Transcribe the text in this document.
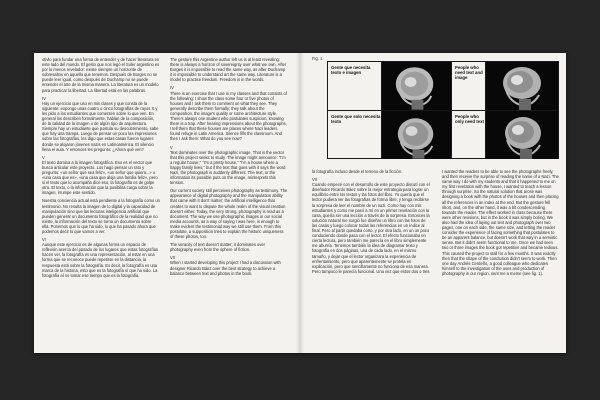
otivlo para fundar una forma de entender y de hacer literatura en este lado del mundo. El gesto que nos legó el Soler argentino es por lo menos revelador: existe siempre un horizonte de sobresaltos en aquello que tenemos. Después de Borges no se puede leer igual, como después de Duchamp no se puede entender el arte de la misma manera. La literatura es un modelo para practicar la libertad. La libertad está en las palabras.

IV

Hay un ejercicio que uso en mis clases y que consta de la siguiente: expongo unas cuatro o cinco fotografías de rayos X y les pido a los estudiantes que comenten sobre lo que ven. En general los describen formalmente, hablan de la composición, de la calidad de la imagen o de algún tipo de arquitectura. Siempre hay un estudiante que postula su descubrimiento, sabe que hay una trampa. Luego de pensar un poco las impresiones sobre las fotografías, les digo que estas casas fueron lugares donde se alojaron jóvenes nazis en Latinoamérica. El silencio llena el aula. Y entonces les pregunto: ¿Ahora qué ven?

V

El texto domina a la imagen fotográfica. Eso es el vector que busca articular este proyecto. Los hago pensar un rato y pregunto: «un señor que sea feliz», «un señor que quiera...» o «una casa que es», «una casa que aloja una familia feliz», pero si el texto que lo acompaña dice eso, la fotografía es de golpe otra. El texto, o la información que la posibilita carga sobre la imagen, irrumpe este sentido.

Nuestra conciencia actual está pendiente a la fotografía como un testimonio. No resulta la imagen de lo digital y la capacidad de manipulación sino que las lecturas inteligencia artificial que pueden generar un documento fotográfico de la realidad que no existe, la información del texto se torna un documento sobre ella. Ponemos que lo que ha sido, lo que ha pasado ahora que podemos decir lo que vamos a ver.

VI

Aunque este ejercicio es de algunas forma un espacio de reflexión acerca del pasado de los lugares que estas fotografías hacen ver, la fotografía es una representación, al estar en una forma que se reconoce puede repetirse en la distancia, la respuesta está sobre la fotografía. Es decir, la fotografía es una marca de la historia, esto que es la fotografía sí que ha sido. La fotografía al no tomar ese tiempo que es la fotografía.

The gesture this Argentine author left us is at least revealing: there is always a horizon of sovereignty over what we own. After Borges it is impossible to read the same way, as after Duchamp it is impossible to understand art the same way. Literature is a model to practice freedom. Freedom is in the words.

IV

There is an exercise that I use in my classes and that consists of the following: I show the class some four or five photos of houses and I ask them to comment on what they see. They generally describe them formally; they talk about the composition, the image's quality or some architecture style. There's always one student who postulates suspicion, knowing there is a trap. After hearing impressions about the photographs, I tell them that these houses are places where Nazi leaders found refuge in Latin America. Silence fills the classroom. And then I ask them: What do you see now?

V

Text dominates over the photographic image. That is the vector that this project seeks to study. The image might announce: "I'm a regular house," "I'm a pretty house," "I'm a house where a happy family lives," but if the text that goes with it says the word Nazi, the photograph is suddenly different. The text, or the information its possible puts on the image, reinterprets this tension.

Our current society still perceives photography as testimony. The appearance of digital photography and the manipulation ability that came with it don't matter; the artificial intelligence that creates to want to dispute the whole realm of the visual creation doesn't either. Today, the very strong, photography is read as a document. The way we use photographic images in our social media accounts, as a way of saying I was here, is enough to make evident the testimonial way we still use them. From this postulate, a supposition tries to explain the historic uniqueness of these photos, too.

The veracity of text doesn't matter; it dominates over photography even from the sphere of fiction.

VII

When I started developing this project I had a discussion with designer Ricardo Báez over the best strategy to achieve a balance between text and photos in the book.

Fig. 1
Gente que necesita texto e imagen
People who need text and image
Gente que solo necesita texto
People who only need text

la fotografía incluso desde el terreno de la ficción.

VII

Cuando empecé con el desarrollo de este proyecto discutí con el diseñador Ricardo Báez sobre la mejor estrategia para lograr un equilibrio entre los textos y las fotos del libro. Yo quería que el lector pudiera ver las fotografías de forma libre, y tenga recibirse la sorpresa de leer el nombre de un nazi. Como hay con mis estudiantes y como me pasó a mí en un primer revelación con la casa, quería ser una lección a través de la sorpresa. Entonces la solución natural me surgió fue diseñar un libro con las fotos de las casas y luego colocar todas las referencias en un índice al final. Pero al partir quedaba corto, y por otra lado, en un un poco conduciendo donde pasa con el lector. El efecto funcionaba en cierta lectura, pero también me parecía en el libro simplemente me aburría. Tenemos también la idea de diagramar texto y fotografía en dos páginas, una de cada lado, en el mismo tamaño, y dejar que el lector organizara la experiencia de enfrentamiento, pero que aparentemente se protela en explicación, pero que sencillamente no funciona de esa manera. Pero tampoco le parecía funcional. Una vez que estos dos o tres

I wanted the readers to be able to see the photographs freely, and then receive the surprise of reading the name of a Nazi. The same way I do with my students and that it happened to me on my first revelation with the house, I wanted to teach a lesson through surprise. So the natural solution that arose was designing a book with the photos of the houses and then placing all the references in an index at the end. But the gesture fell short, and, on the other hand, it was a bit condescending towards the reader. The effect worked in class because there were other revisions, but in the book it was simply boring. We also had the idea of laying out text and photograph over two pages, one on each side, the same size, and letting the reader consider the experience of facing something that postulates to be an apparent balance, but doesn't work that way in a semiotic sense. But it didn't seem functional to me. Once we had seen two or three images the book got repetitive and became tedious. This caused the project to stall for a few months. It was exactly then that the shape of the conclusion didn't seem to work. Then one day Andrés Cerdeño, a good colleague who dedicates himself to the investigation of the uses and production of photography in our region, sent me a meme (see fig. 1).
